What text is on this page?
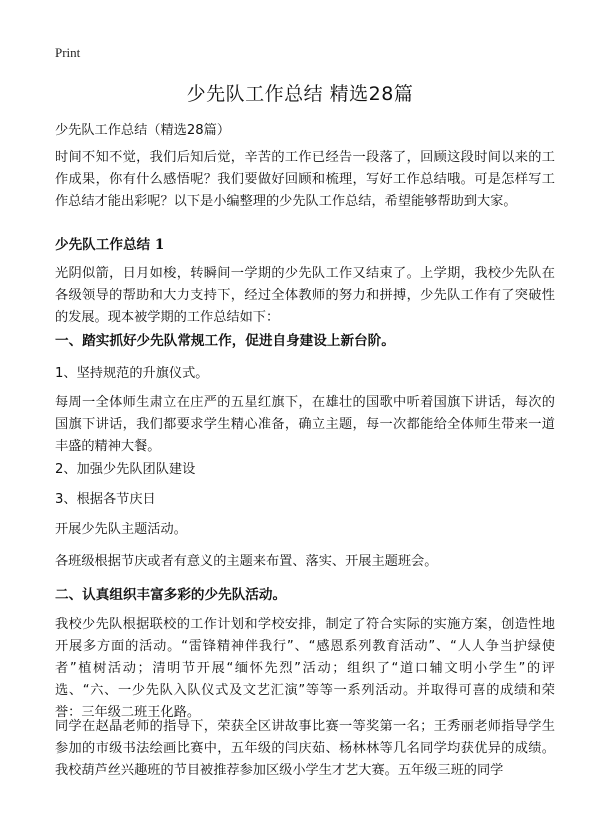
Print
少先队工作总结 精选28篇
少先队工作总结（精选28篇）
时间不知不觉，我们后知后觉，辛苦的工作已经告一段落了，回顾这段时间以来的工作成果，你有什么感悟呢？我们要做好回顾和梳理，写好工作总结哦。可是怎样写工作总结才能出彩呢？以下是小编整理的少先队工作总结，希望能够帮助到大家。
少先队工作总结 1
光阴似箭，日月如梭，转瞬间一学期的少先队工作又结束了。上学期，我校少先队在各级领导的帮助和大力支持下，经过全体教师的努力和拼搏，少先队工作有了突破性的发展。现本被学期的工作总结如下：
一、踏实抓好少先队常规工作，促进自身建设上新台阶。
1、坚持规范的升旗仪式。
每周一全体师生肃立在庄严的五星红旗下，在雄壮的国歌中听着国旗下讲话，每次的国旗下讲话，我们都要求学生精心准备，确立主题，每一次都能给全体师生带来一道丰盛的精神大餐。
2、加强少先队团队建设
3、根据各节庆日
开展少先队主题活动。
各班级根据节庆或者有意义的主题来布置、落实、开展主题班会。
二、认真组织丰富多彩的少先队活动。
我校少先队根据联校的工作计划和学校安排，制定了符合实际的实施方案，创造性地开展多方面的活动。“雷锋精神伴我行”、“感恩系列教育活动”、“人人争当护绿使者”植树活动；清明节开展“缅怀先烈”活动；组织了“道口辅文明小学生”的评选、“六、一少先队入队仪式及文艺汇演”等等一系列活动。并取得可喜的成绩和荣誉：三年级二班王化路。
同学在赵晶老师的指导下，荣获全区讲故事比赛一等奖第一名；王秀丽老师指导学生参加的市级书法绘画比赛中，五年级的闫庆茹、杨林林等几名同学均获优异的成绩。我校葫芦丝兴趣班的节目被推荐参加区级小学生才艺大赛。五年级三班的同学
